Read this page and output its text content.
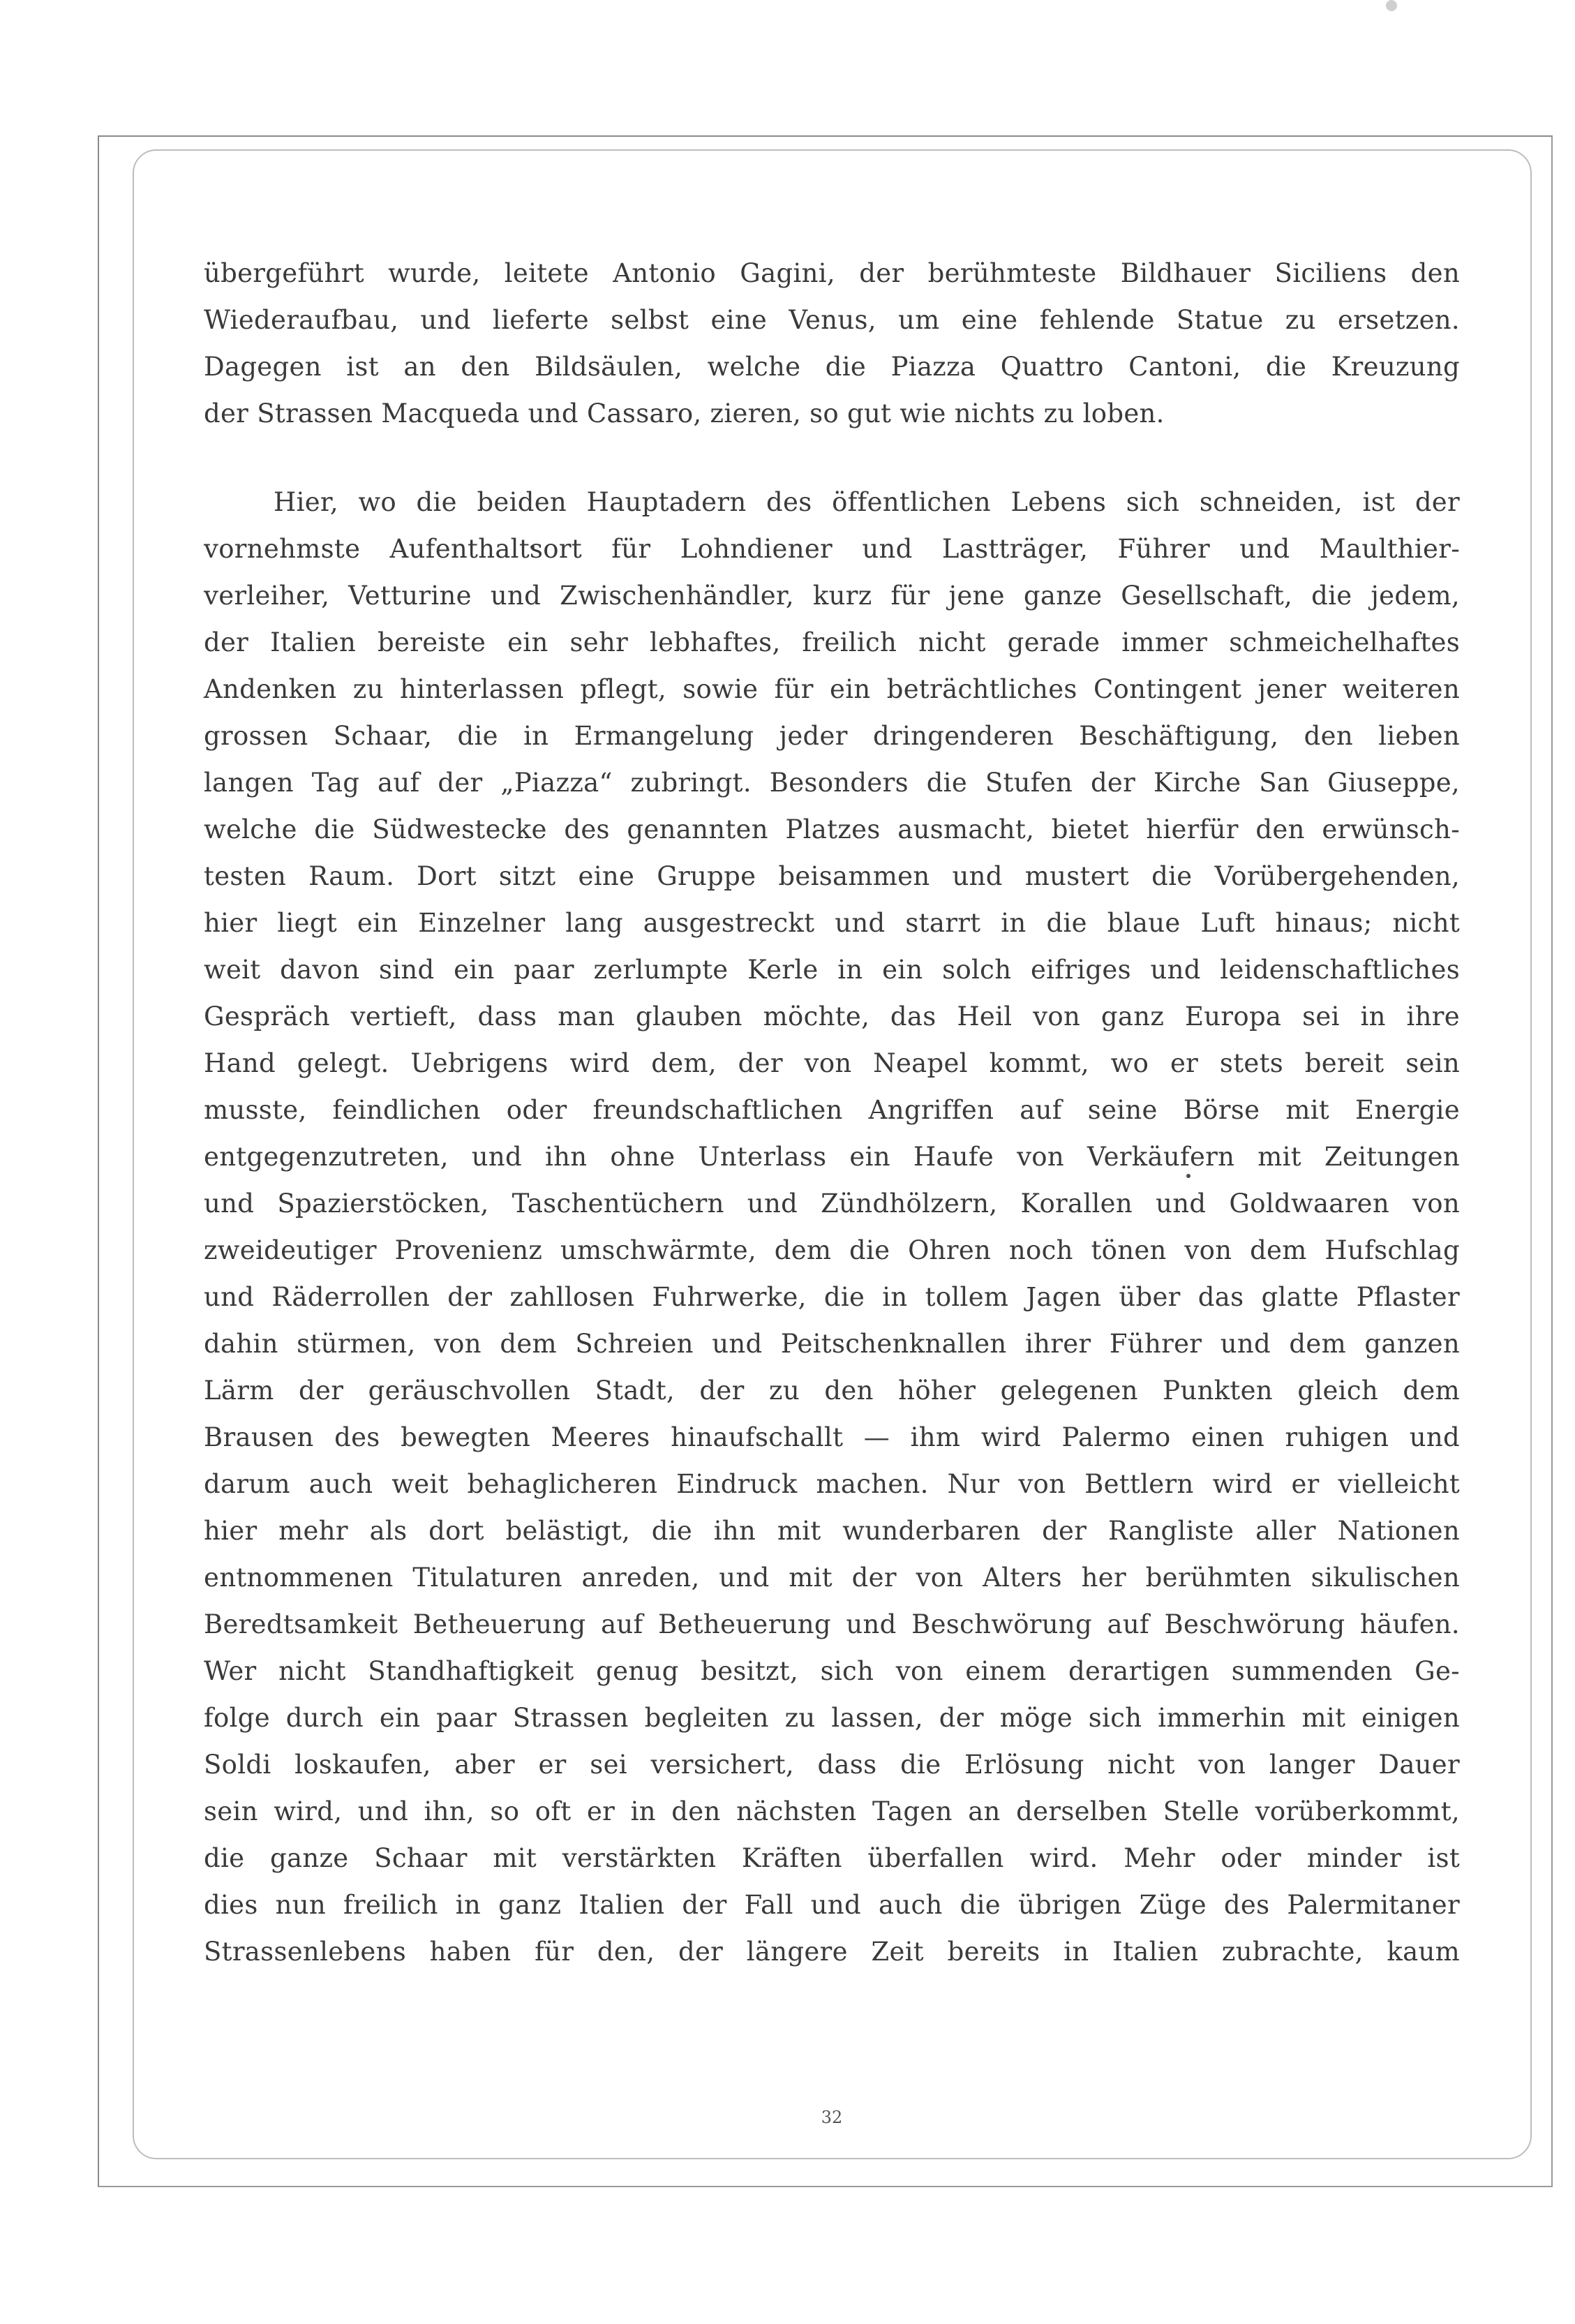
übergeführt wurde, leitete Antonio Gagini, der berühmteste Bildhauer Siciliens den
Wiederaufbau, und lieferte selbst eine Venus, um eine fehlende Statue zu ersetzen.
Dagegen ist an den Bildsäulen, welche die Piazza Quattro Cantoni, die Kreuzung
der Strassen Macqueda und Cassaro, zieren, so gut wie nichts zu loben.
Hier, wo die beiden Hauptadern des öffentlichen Lebens sich schneiden, ist der
vornehmste Aufenthaltsort für Lohndiener und Lastträger, Führer und Maulthier-
verleiher, Vetturine und Zwischenhändler, kurz für jene ganze Gesellschaft, die jedem,
der Italien bereiste ein sehr lebhaftes, freilich nicht gerade immer schmeichelhaftes
Andenken zu hinterlassen pflegt, sowie für ein beträchtliches Contingent jener weiteren
grossen Schaar, die in Ermangelung jeder dringenderen Beschäftigung, den lieben
langen Tag auf der „Piazza“ zubringt. Besonders die Stufen der Kirche San Giuseppe,
welche die Südwestecke des genannten Platzes ausmacht, bietet hierfür den erwünsch-
testen Raum. Dort sitzt eine Gruppe beisammen und mustert die Vorübergehenden,
hier liegt ein Einzelner lang ausgestreckt und starrt in die blaue Luft hinaus; nicht
weit davon sind ein paar zerlumpte Kerle in ein solch eifriges und leidenschaftliches
Gespräch vertieft, dass man glauben möchte, das Heil von ganz Europa sei in ihre
Hand gelegt. Uebrigens wird dem, der von Neapel kommt, wo er stets bereit sein
musste, feindlichen oder freundschaftlichen Angriffen auf seine Börse mit Energie
entgegenzutreten, und ihn ohne Unterlass ein Haufe von Verkäufern mit Zeitungen
und Spazierstöcken, Taschentüchern und Zündhölzern, Korallen und Goldwaaren von
zweideutiger Provenienz umschwärmte, dem die Ohren noch tönen von dem Hufschlag
und Räderrollen der zahllosen Fuhrwerke, die in tollem Jagen über das glatte Pflaster
dahin stürmen, von dem Schreien und Peitschenknallen ihrer Führer und dem ganzen
Lärm der geräuschvollen Stadt, der zu den höher gelegenen Punkten gleich dem
Brausen des bewegten Meeres hinaufschallt — ihm wird Palermo einen ruhigen und
darum auch weit behaglicheren Eindruck machen. Nur von Bettlern wird er vielleicht
hier mehr als dort belästigt, die ihn mit wunderbaren der Rangliste aller Nationen
entnommenen Titulaturen anreden, und mit der von Alters her berühmten sikulischen
Beredtsamkeit Betheuerung auf Betheuerung und Beschwörung auf Beschwörung häufen.
Wer nicht Standhaftigkeit genug besitzt, sich von einem derartigen summenden Ge-
folge durch ein paar Strassen begleiten zu lassen, der möge sich immerhin mit einigen
Soldi loskaufen, aber er sei versichert, dass die Erlösung nicht von langer Dauer
sein wird, und ihn, so oft er in den nächsten Tagen an derselben Stelle vorüberkommt,
die ganze Schaar mit verstärkten Kräften überfallen wird. Mehr oder minder ist
dies nun freilich in ganz Italien der Fall und auch die übrigen Züge des Palermitaner
Strassenlebens haben für den, der längere Zeit bereits in Italien zubrachte, kaum
32
